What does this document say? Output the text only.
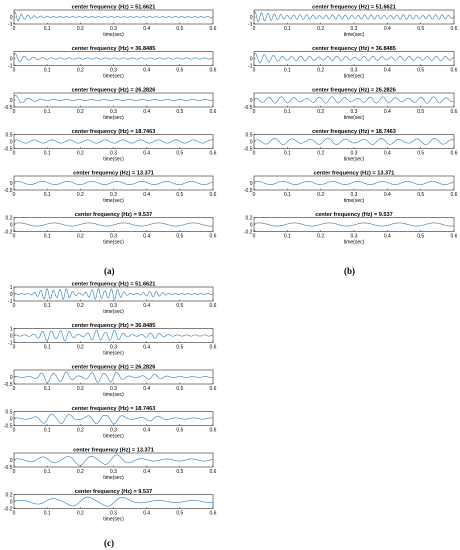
center frequency (Hz) = 51.6621
0
-1
0	0.1	0.2	0.3	0.4	0.5	0.6
time(sec)
center frequency (Hz) = 36.8485
0
-1
0	0.1	0.2	0.3	0.4	0.5	0.6
time(sec)
center frequency (Hz) = 26.2826
0
-0.5
0	0.1	0.2	0.3	0.4	0.5	0.6
time(sec)
center frequency (Hz) = 18.7463
0.5
0
-0.5
0	0.1	0.2	0.3	0.4	0.5	0.6
time(sec)
center frequency (Hz) = 13.371
0
-0.5
0	0.1	0.2	0.3	0.4	0.5	0.6
time(sec)
center frequency (Hz) = 9.537
0.2
0
-0.2
0	0.1	0.2	0.3	0.4	0.5	0.6
time(sec)
center frequency (Hz) = 51.6621
0
-1
0	0.1	0.2	0.3	0.4	0.5	0.6
time(sec)
center frequency (Hz) = 36.8485
0
-1
0	0.1	0.2	0.3	0.4	0.5	0.6
time(sec)
center frequency (Hz) = 26.2826
0
-0.5
0	0.1	0.2	0.3	0.4	0.5	0.6
time(sec)
center frequency (Hz) = 18.7463
0.5
0
-0.5
0	0.1	0.2	0.3	0.4	0.5	0.6
time(sec)
center frequency (Hz) = 13.371
0
-0.5
0	0.1	0.2	0.3	0.4	0.5	0.6
time(sec)
center frequency (Hz) = 9.537
0.2
0
-0.2
0	0.1	0.2	0.3	0.4	0.5	0.6
time(sec)
center frequency (Hz) = 51.6621
1
0
-1
0	0.1	0.2	0.3	0.4	0.5	0.6
time(sec)
center frequency (Hz) = 36.8485
1
0
-1
0	0.1	0.2	0.3	0.4	0.5	0.6
time(sec)
center frequency (Hz) = 26.2826
0
-0.5
0	0.1	0.2	0.3	0.4	0.5	0.6
time(sec)
center frequency (Hz) = 18.7463
0.5
0
-0.5
0	0.1	0.2	0.3	0.4	0.5	0.6
time(sec)
center frequency (Hz) = 13.371
0
-0.5
0	0.1	0.2	0.3	0.4	0.5	0.6
time(sec)
center frequency (Hz) = 9.537
0.2
0
-0.2
0	0.1	0.2	0.3	0.4	0.5	0.6
time(sec)
(a)	(b)
(c)
